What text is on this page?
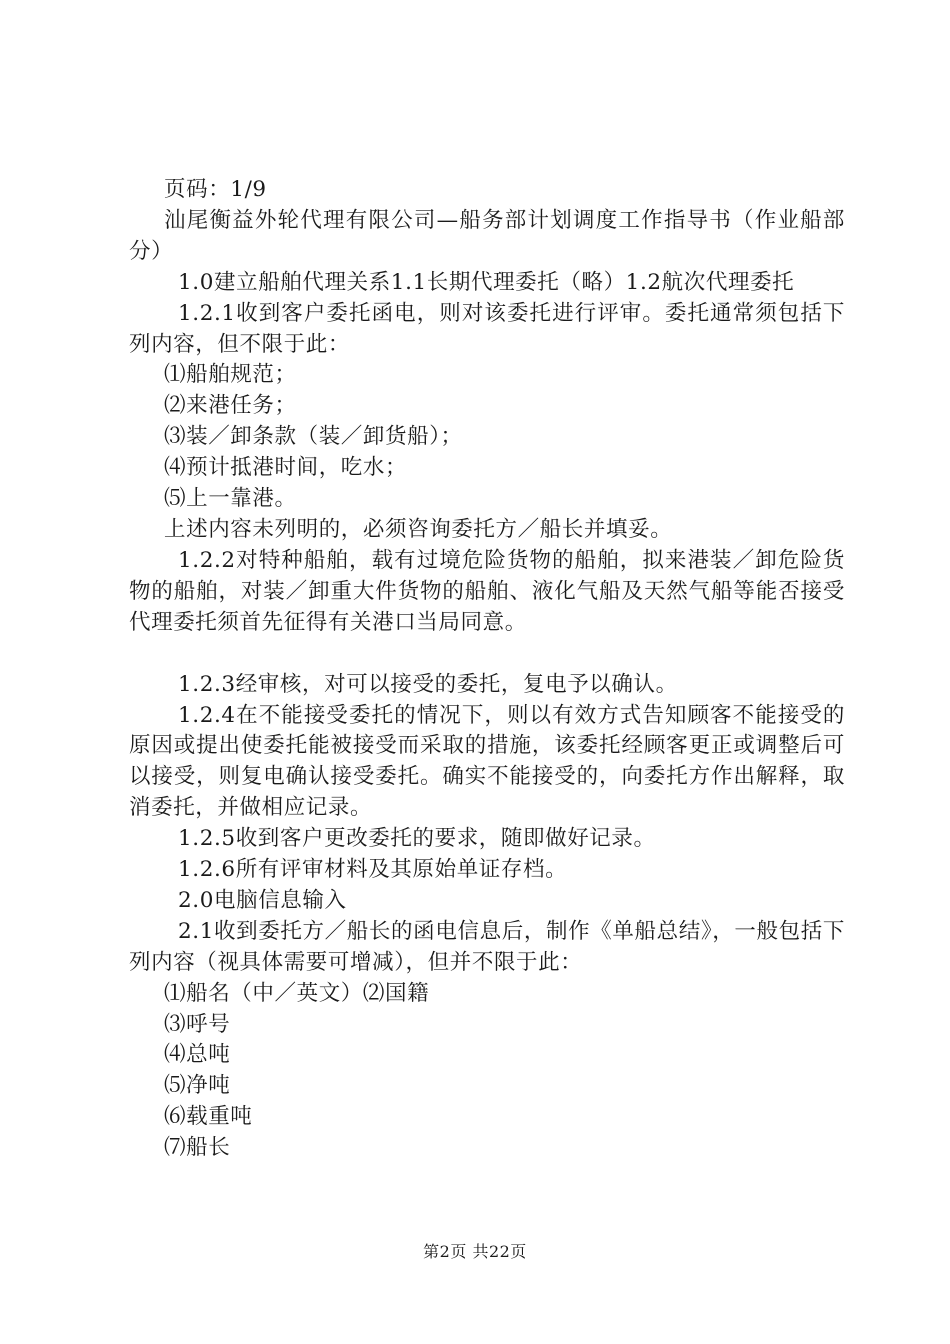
页码：1/9

汕尾衡益外轮代理有限公司—船务部计划调度工作指导书（作业船部分）

1.0建立船舶代理关系1.1长期代理委托（略）1.2航次代理委托

1.2.1收到客户委托函电，则对该委托进行评审。委托通常须包括下列内容，但不限于此：

⑴船舶规范；

⑵来港任务；

⑶装／卸条款（装／卸货船）；

⑷预计抵港时间，吃水；

⑸上一靠港。

上述内容未列明的，必须咨询委托方／船长并填妥。

1.2.2对特种船舶，载有过境危险货物的船舶，拟来港装／卸危险货物的船舶，对装／卸重大件货物的船舶、液化气船及天然气船等能否接受代理委托须首先征得有关港口当局同意。

1.2.3经审核，对可以接受的委托，复电予以确认。

1.2.4在不能接受委托的情况下，则以有效方式告知顾客不能接受的原因或提出使委托能被接受而采取的措施，该委托经顾客更正或调整后可以接受，则复电确认接受委托。确实不能接受的，向委托方作出解释，取消委托，并做相应记录。

1.2.5收到客户更改委托的要求，随即做好记录。

1.2.6所有评审材料及其原始单证存档。

2.0电脑信息输入

2.1收到委托方／船长的函电信息后，制作《单船总结》，一般包括下列内容（视具体需要可增减），但并不限于此：

⑴船名（中／英文）⑵国籍

⑶呼号

⑷总吨

⑸净吨

⑹载重吨

⑺船长

第2页 共22页
